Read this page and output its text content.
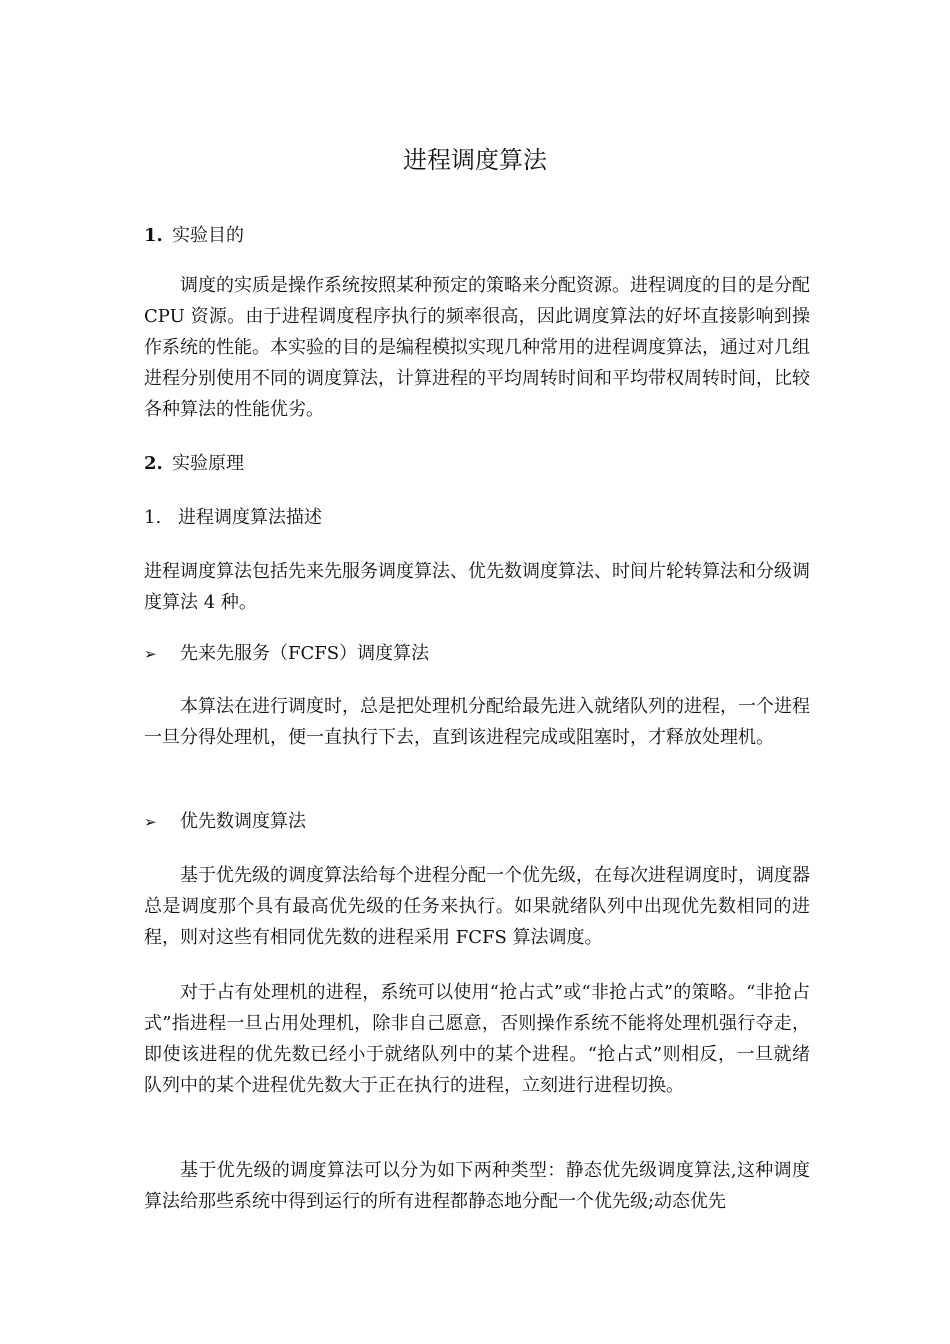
进程调度算法
1. 实验目的
调度的实质是操作系统按照某种预定的策略来分配资源。进程调度的目的是分配 CPU 资源。由于进程调度程序执行的频率很高，因此调度算法的好坏直接影响到操作系统的性能。本实验的目的是编程模拟实现几种常用的进程调度算法，通过对几组进程分别使用不同的调度算法，计算进程的平均周转时间和平均带权周转时间，比较各种算法的性能优劣。
2. 实验原理
1. 进程调度算法描述
进程调度算法包括先来先服务调度算法、优先数调度算法、时间片轮转算法和分级调度算法 4 种。
➢ 先来先服务（FCFS）调度算法
本算法在进行调度时，总是把处理机分配给最先进入就绪队列的进程，一个进程一旦分得处理机，便一直执行下去，直到该进程完成或阻塞时，才释放处理机。
➢ 优先数调度算法
基于优先级的调度算法给每个进程分配一个优先级，在每次进程调度时，调度器总是调度那个具有最高优先级的任务来执行。如果就绪队列中出现优先数相同的进程，则对这些有相同优先数的进程采用 FCFS 算法调度。
对于占有处理机的进程，系统可以使用“抢占式”或“非抢占式”的策略。“非抢占式”指进程一旦占用处理机，除非自己愿意，否则操作系统不能将处理机强行夺走，即使该进程的优先数已经小于就绪队列中的某个进程。“抢占式”则相反，一旦就绪队列中的某个进程优先数大于正在执行的进程，立刻进行进程切换。
基于优先级的调度算法可以分为如下两种类型：静态优先级调度算法,这种调度算法给那些系统中得到运行的所有进程都静态地分配一个优先级;动态优先
